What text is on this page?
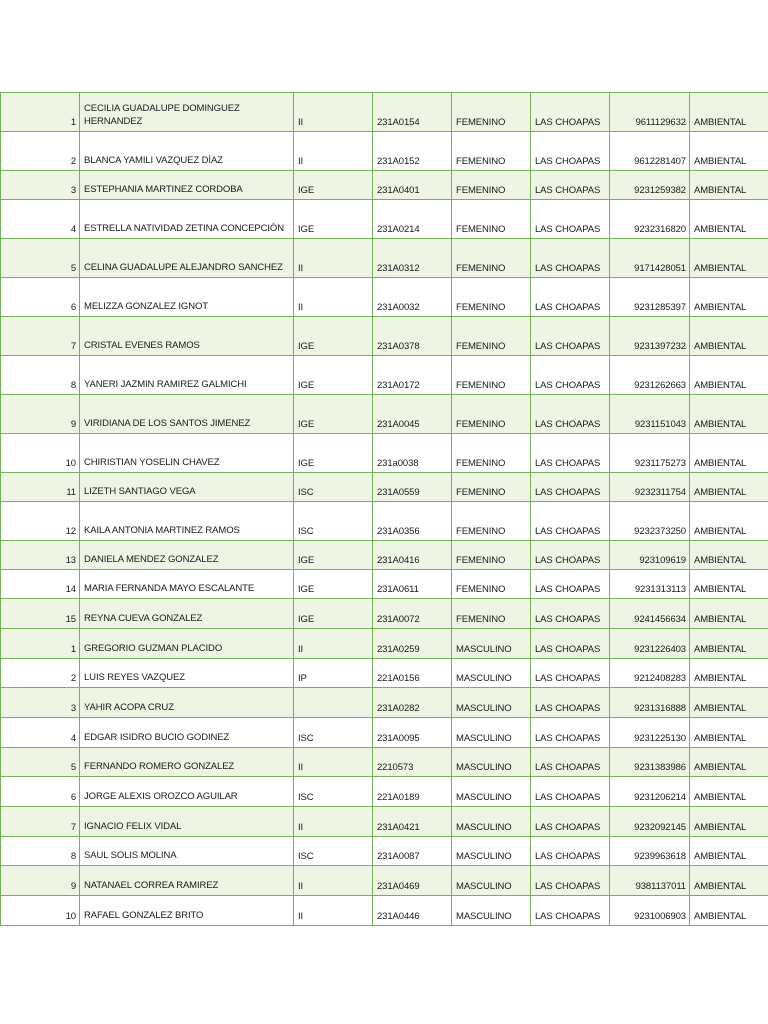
1	CECILIA GUADALUPE DOMINGUEZ HERNANDEZ	II	231A0154	FEMENINO	LAS CHOAPAS	9611129632	AMBIENTAL
2	BLANCA YAMILI VAZQUEZ DÌAZ	II	231A0152	FEMENINO	LAS CHOAPAS	9612281407	AMBIENTAL
3	ESTEPHANIA MARTINEZ CORDOBA	IGE	231A0401	FEMENINO	LAS CHOAPAS	9231259382	AMBIENTAL
4	ESTRELLA NATIVIDAD ZETINA CONCEPCIÒN	IGE	231A0214	FEMENINO	LAS CHOAPAS	9232316820	AMBIENTAL
5	CELINA GUADALUPE ALEJANDRO SANCHEZ	II	231A0312	FEMENINO	LAS CHOAPAS	9171428051	AMBIENTAL
6	MELIZZA GONZALEZ IGNOT	II	231A0032	FEMENINO	LAS CHOAPAS	9231285397	AMBIENTAL
7	CRISTAL EVENES RAMOS	IGE	231A0378	FEMENINO	LAS CHOAPAS	9231397232	AMBIENTAL
8	YANERI JAZMIN RAMIREZ GALMICHI	IGE	231A0172	FEMENINO	LAS CHOAPAS	9231262663	AMBIENTAL
9	VIRIDIANA DE LOS SANTOS JIMENEZ	IGE	231A0045	FEMENINO	LAS CHOAPAS	9231151043	AMBIENTAL
10	CHIRISTIAN YOSELIN CHAVEZ	IGE	231a0038	FEMENINO	LAS CHOAPAS	9231175273	AMBIENTAL
11	LIZETH SANTIAGO VEGA	ISC	231A0559	FEMENINO	LAS CHOAPAS	9232311754	AMBIENTAL
12	KAILA ANTONIA MARTINEZ RAMOS	ISC	231A0356	FEMENINO	LAS CHOAPAS	9232373250	AMBIENTAL
13	DANIELA MENDEZ GONZALEZ	IGE	231A0416	FEMENINO	LAS CHOAPAS	923109619	AMBIENTAL
14	MARIA FERNANDA MAYO ESCALANTE	IGE	231A0611	FEMENINO	LAS CHOAPAS	9231313113	AMBIENTAL
15	REYNA CUEVA GONZALEZ	IGE	231A0072	FEMENINO	LAS CHOAPAS	9241456634	AMBIENTAL
1	GREGORIO GUZMAN PLACIDO	II	231A0259	MASCULINO	LAS CHOAPAS	9231226403	AMBIENTAL
2	LUIS REYES VAZQUEZ	IP	221A0156	MASCULINO	LAS CHOAPAS	9212408283	AMBIENTAL
3	YAHIR ACOPA CRUZ		231A0282	MASCULINO	LAS CHOAPAS	9231316888	AMBIENTAL
4	EDGAR ISIDRO BUCIO GODINEZ	ISC	231A0095	MASCULINO	LAS CHOAPAS	9231225130	AMBIENTAL
5	FERNANDO ROMERO GONZALEZ	II	2210573	MASCULINO	LAS CHOAPAS	9231383986	AMBIENTAL
6	JORGE ALEXIS OROZCO AGUILAR	ISC	221A0189	MASCULINO	LAS CHOAPAS	9231206214	AMBIENTAL
7	IGNACIO FELIX VIDAL	II	231A0421	MASCULINO	LAS CHOAPAS	9232092145	AMBIENTAL
8	SAUL SOLIS MOLINA	ISC	231A0087	MASCULINO	LAS CHOAPAS	9239963618	AMBIENTAL
9	NATANAEL CORREA RAMIREZ	II	231A0469	MASCULINO	LAS CHOAPAS	9381137011	AMBIENTAL
10	RAFAEL GONZALEZ BRITO	II	231A0446	MASCULINO	LAS CHOAPAS	9231006903	AMBIENTAL
